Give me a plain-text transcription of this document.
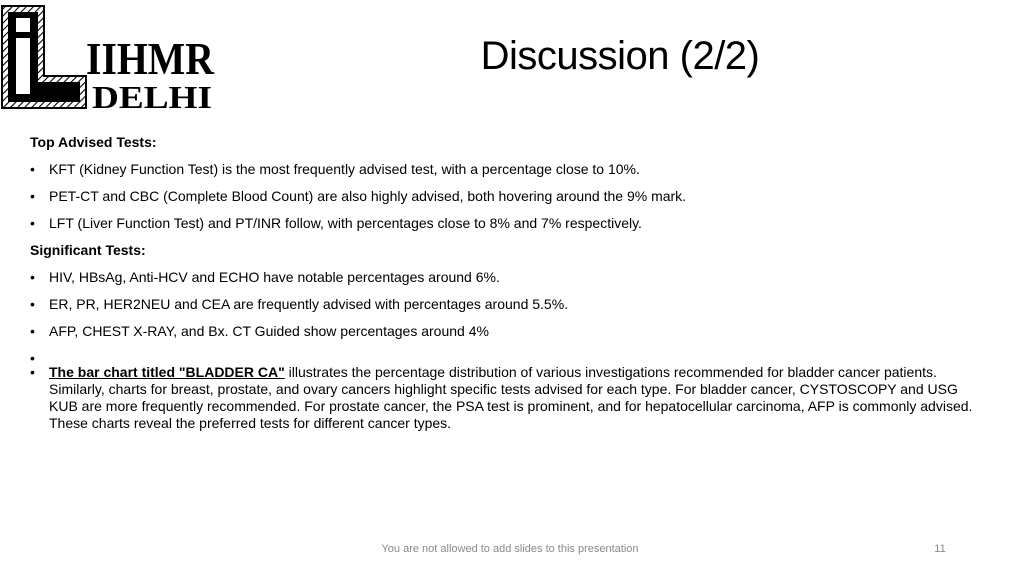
IIHMR
DELHI
Discussion (2/2)
Top Advised Tests:
• KFT (Kidney Function Test) is the most frequently advised test, with a percentage close to 10%.
• PET-CT and CBC (Complete Blood Count) are also highly advised, both hovering around the 9% mark.
• LFT (Liver Function Test) and PT/INR follow, with percentages close to 8% and 7% respectively.
Significant Tests:
• HIV, HBsAg, Anti-HCV and ECHO have notable percentages around 6%.
• ER, PR, HER2NEU and CEA are frequently advised with percentages around 5.5%.
• AFP, CHEST X-RAY, and Bx. CT Guided show percentages around 4%
•
• The bar chart titled "BLADDER CA" illustrates the percentage distribution of various investigations recommended for bladder cancer patients. Similarly, charts for breast, prostate, and ovary cancers highlight specific tests advised for each type. For bladder cancer, CYSTOSCOPY and USG KUB are more frequently recommended. For prostate cancer, the PSA test is prominent, and for hepatocellular carcinoma, AFP is commonly advised. These charts reveal the preferred tests for different cancer types.
You are not allowed to add slides to this presentation	11
